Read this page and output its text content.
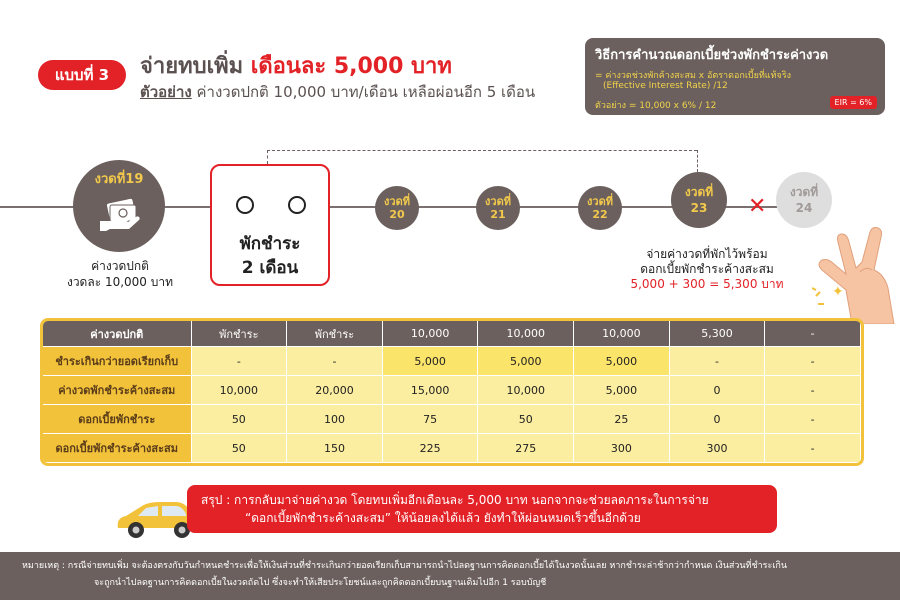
แบบที่ 3	จ่ายทบเพิ่ม เดือนละ 5,000 บาท
ตัวอย่าง ค่างวดปกติ 10,000 บาท/เดือน เหลือผ่อนอีก 5 เดือน
วิธีการคำนวณดอกเบี้ยช่วงพักชำระค่างวด
= ค่างวดช่วงพักค้างสะสม x อัตราดอกเบี้ยที่แท้จริง
(Effective Interest Rate) /12
ตัวอย่าง = 10,000 x 6% / 12	EIR = 6%
งวดที่19
ค่างวดปกติ
งวดละ 10,000 บาท
พักชำระ
2 เดือน
งวดที่
20
งวดที่
21
งวดที่
22
งวดที่
23 ✕
งวดที่
24
จ่ายค่างวดที่พักไว้พร้อม
ดอกเบี้ยพักชำระค้างสะสม
5,000 + 300 = 5,300 บาท	✦
ค่างวดปกติ	พักชำระ	พักชำระ	10,000	10,000	10,000	5,300	-
ชำระเกินกว่ายอดเรียกเก็บ	-	-	5,000	5,000	5,000	-	-
ค่างวดพักชำระค้างสะสม	10,000	20,000	15,000	10,000	5,000	0	-
ดอกเบี้ยพักชำระ	50	100	75	50	25	0	-
ดอกเบี้ยพักชำระค้างสะสม	50	150	225	275	300	300	-
สรุป : การกลับมาจ่ายค่างวด โดยทบเพิ่มอีกเดือนละ 5,000 บาท นอกจากจะช่วยลดภาระในการจ่าย
“ดอกเบี้ยพักชำระค้างสะสม” ให้น้อยลงได้แล้ว ยังทำให้ผ่อนหมดเร็วขึ้นอีกด้วย
หมายเหตุ : กรณีจ่ายทบเพิ่ม จะต้องตรงกับวันกำหนดชำระเพื่อให้เงินส่วนที่ชำระเกินกว่ายอดเรียกเก็บสามารถนำไปลดฐานการคิดดอกเบี้ยได้ในงวดนั้นเลย หากชำระล่าช้ากว่ากำหนด เงินส่วนที่ชำระเกิน
จะถูกนำไปลดฐานการคิดดอกเบี้ยในงวดถัดไป ซึ่งจะทำให้เสียประโยชน์และถูกคิดดอกเบี้ยบนฐานเดิมไปอีก 1 รอบบัญชี
